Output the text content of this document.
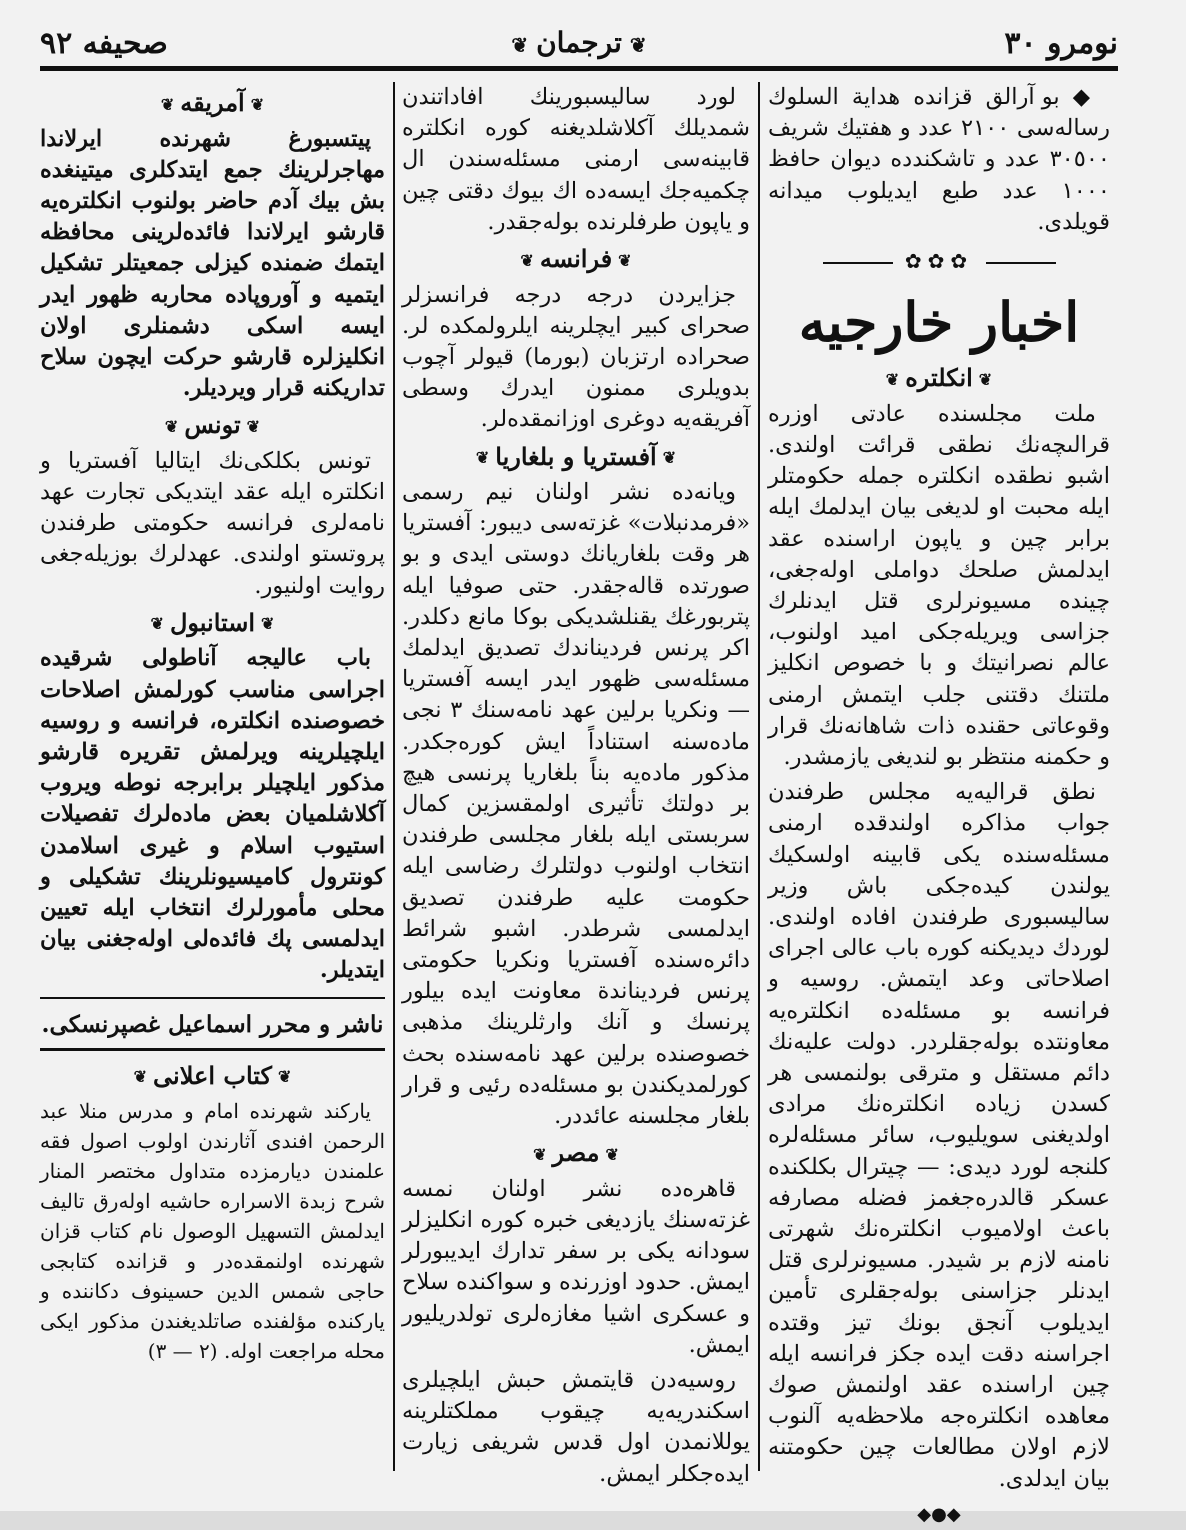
نومرو ٣٠
❦ترجمان❦
صحيفه ٩٢

◆ بو آرالق قزانده هداية السلوك رساله‌سى ٢١٠٠ عدد و هفتيك شريف ٣٠٥٠٠ عدد و تاشكندده ديوان حافظ ١٠٠٠ عدد طبع ايديلوب ميدانه قويلدى.

✿✿✿
اخبار خارجيه
❦انكلتره❦

ملت مجلسنده عادتى اوزره قرالىچه‌نك نطقى قرائت اولندى. اشبو نطقده انكلتره جمله حكومتلر ايله محبت او لديغى بيان ايدلمك ايله برابر چين و ياپون ارا‌سنده عقد ايدلمش صلحك دواملى اوله‌جغى، چينده مسيونرلرى قتل ايدنلرك جزاسى ويريله‌جكى اميد اولنوب، عالم نصرانيتك و با خصوص انكليز ملتنك دقتنى جلب ايتمش ارمنى وقوعاتى حقنده ذات شاهانه‌نك قرار و حكمنه منتظر بو لنديغى يازمشدر.

نطق قراليه‌يه مجلس طرفندن جواب مذاكره اولندقده ارمنى مسئله‌سنده يكى قابينه اولسكيك يولندن كيده‌جكى باش وزير ساليسبورى طرفندن افاده اولندى. لوردك ديديكنه كوره باب عالى اجراى اصلاحاتى وعد ايتمش. روسيه و فرانسه بو مسئله‌ده انكلتره‌يه معاونتده بوله‌جقلردر. دولت عليه‌نك دائم مستقل و مترقى بولنمسى هر كسدن زياده انكلتره‌نك مرادى اولديغنى سويليوب، سائر مسئله‌لره كلنجه لورد ديدى: — چيترال بكلكنده عسكر قالدره‌جغمز فضله مصارفه باعث اولاميوب انكلتره‌نك شهرتى نامنه لازم بر شيدر. مسيونرلرى قتل ايدنلر جزاسنى بوله‌جقلرى تأمين ايديلوب آنجق بونك تيز وقتده اجراسنه دقت ايده جكز فرانسه ايله چين ارا‌سنده عقد اولنمش صوك معاهده انكلتره‌جه ملاحظه‌يه آلنوب لازم اولان مطالعات چين حكومتنه بيان ايدلدى.

◆●◆

لورد ساليسبورينك افاداتندن شمديلك آكلاشلديغنه كوره انكلتره قابينه‌سى ارمنى مسئله‌سندن ال چكميه‌جك ايسه‌ده اك بيوك دقتى چين و ياپون طرفلرنده بوله‌جقدر.

❦فرانسه❦

جزايردن درجه درجه فرانسزلر صحراى كبير ايچلرينه ايلرولمكده لر. صحراده ارتزبان (بورما) قيولر آچوب بدويلرى ممنون ايدرك وسطى آفريقه‌يه دوغرى اوزانمقده‌لر.

❦آفستريا و بلغاريا❦

ويانه‌ده نشر اولنان نيم رسمى «فرمدنبلات» غزته‌سى ديبور: آفستريا هر وقت بلغاريانك دوستى ايدى و بو صورتده قاله‌جقدر. حتى صوفيا ايله پتربورغك يقنلشديكى بوكا مانع دكلدر. اكر پرنس فرديناندك تصديق ايدلمك مسئله‌سى ظهور ايدر ايسه آفستريا — ونكريا برلين عهد نامه‌سنك ٣ نجى ماده‌سنه استناداً ايش كوره‌جكدر. مذكور ماده‌يه بناً بلغاريا پرنسى هيچ بر دولتك تأثيرى اولمقسزين كمال سربستى ايله بلغار مجلسى طرفندن انتخاب اولنوب دولتلرك رضاسى ايله حكومت عليه طرفندن تصديق ايدلمسى شرطدر. اشبو شرائط دائره‌سنده آفستريا ونكريا حكومتى پرنس فرديناندة معاونت ايده بيلور پرنسك و آنك وارثلرينك مذهبى خصوصنده برلين عهد نامه‌سنده بحث كورلمديكندن بو مسئله‌ده رئيى و قرار بلغار مجلسنه عائددر.

❦مصر❦

قاهره‌ده نشر اولنان نمسه غزته‌سنك يازديغى خبره كوره انكليزلر سودانه يكى بر سفر تدارك ايديبورلر ايمش. حدود اوزرنده و سواكنده سلاح و عسكرى اشيا مغازه‌لرى تولدريليور ايمش.

روسيه‌دن قايتمش حبش ايلچيلرى اسكندريه‌يه چيقوب مملكتلرينه يوللانمدن اول قدس شريفى زيارت ايده‌جكلر ايمش.

❦آمريقه❦

پيتسبورغ شهرنده ايرلاندا مهاجرلرينك جمع ايتدكلرى ميتينغده بش بيك آدم حاضر بولنوب انكلتره‌يه قارشو ايرلاندا فائده‌لرينى محافظه ايتمك ضمنده كيزلى جمعيتلر تشكيل ايتميه و آوروپاده محاربه ظهور ايدر ايسه اسكى دشمنلرى اولان انكليزلره قارشو حركت ايچون سلاح تداريكنه قرار ويرديلر.

❦تونس❦

تونس بكلكى‌نك ايتاليا آفستريا و انكلتره ايله عقد ايتديكى تجارت عهد نامه‌لرى فرانسه حكومتى طرفندن پروتستو اولندى. عهدلرك بوزيله‌جغى روايت اولنيور.

❦استانبول❦

باب عاليجه آناطولى شرقيده اجراسى مناسب كورلمش اصلاحات خصوصنده انكلتره، فرانسه و روسيه ايلچيلرينه ويرلمش تقريره قارشو مذكور ايلچيلر برابرجه نوطه ويروب آكلاشلميان بعض ماده‌لرك تفصيلات استيوب اسلام و غيرى اسلامدن كونترول كاميسيونلرينك تشكيلى و محلى مأمورلرك انتخاب ايله تعيين ايدلمسى پك فائده‌لى اوله‌جغنى بيان ايتديلر.

ناشر و محرر اسماعيل غصپرنسكى.
❦كتاب اعلانى❦

ياركند شهرنده امام و مدرس منلا عبد الرحمن افندى آثارندن اولوب اصول فقه علمندن ديارمزده متداول مختصر المنار شرح زبدة الاسراره حاشيه اوله‌رق تاليف ايدلمش التسهيل الوصول نام كتاب قزان شهرنده اولنمقده‌در و قزانده كتابجى حاجى شمس الدين حسينوف دكاننده و ياركنده مؤلفنده صاتلديغندن مذكور ايكى محله مراجعت اوله. (٢ — ٣)
